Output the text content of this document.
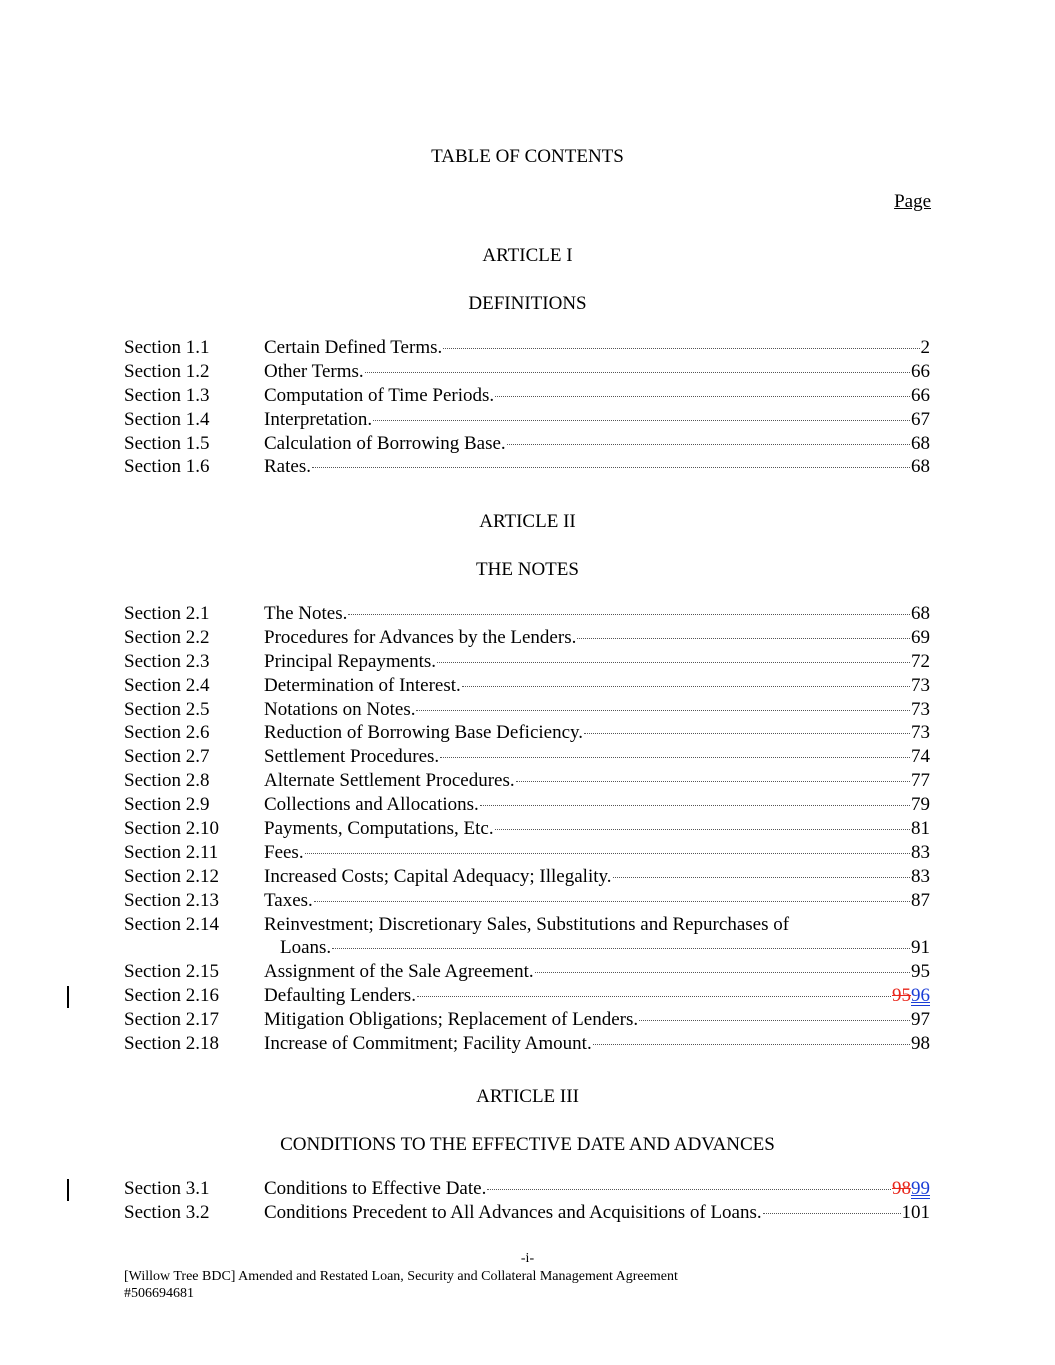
TABLE OF CONTENTS
Page
ARTICLE I
DEFINITIONS
Section 1.1	Certain Defined Terms.	2
Section 1.2	Other Terms.	66
Section 1.3	Computation of Time Periods.	66
Section 1.4	Interpretation.	67
Section 1.5	Calculation of Borrowing Base.	68
Section 1.6	Rates.	68
ARTICLE II
THE NOTES
Section 2.1	The Notes.	68
Section 2.2	Procedures for Advances by the Lenders.	69
Section 2.3	Principal Repayments.	72
Section 2.4	Determination of Interest.	73
Section 2.5	Notations on Notes.	73
Section 2.6	Reduction of Borrowing Base Deficiency.	73
Section 2.7	Settlement Procedures.	74
Section 2.8	Alternate Settlement Procedures.	77
Section 2.9	Collections and Allocations.	79
Section 2.10	Payments, Computations, Etc.	81
Section 2.11	Fees.	83
Section 2.12	Increased Costs; Capital Adequacy; Illegality.	83
Section 2.13	Taxes.	87
Section 2.14	Reinvestment; Discretionary Sales, Substitutions and Repurchases of
Loans.	91
Section 2.15	Assignment of the Sale Agreement.	95
Section 2.16	Defaulting Lenders.	9596
Section 2.17	Mitigation Obligations; Replacement of Lenders.	97
Section 2.18	Increase of Commitment; Facility Amount.	98
ARTICLE III
CONDITIONS TO THE EFFECTIVE DATE AND ADVANCES
Section 3.1	Conditions to Effective Date.	9899
Section 3.2	Conditions Precedent to All Advances and Acquisitions of Loans.	101
-i-
[Willow Tree BDC] Amended and Restated Loan, Security and Collateral Management Agreement
#506694681
